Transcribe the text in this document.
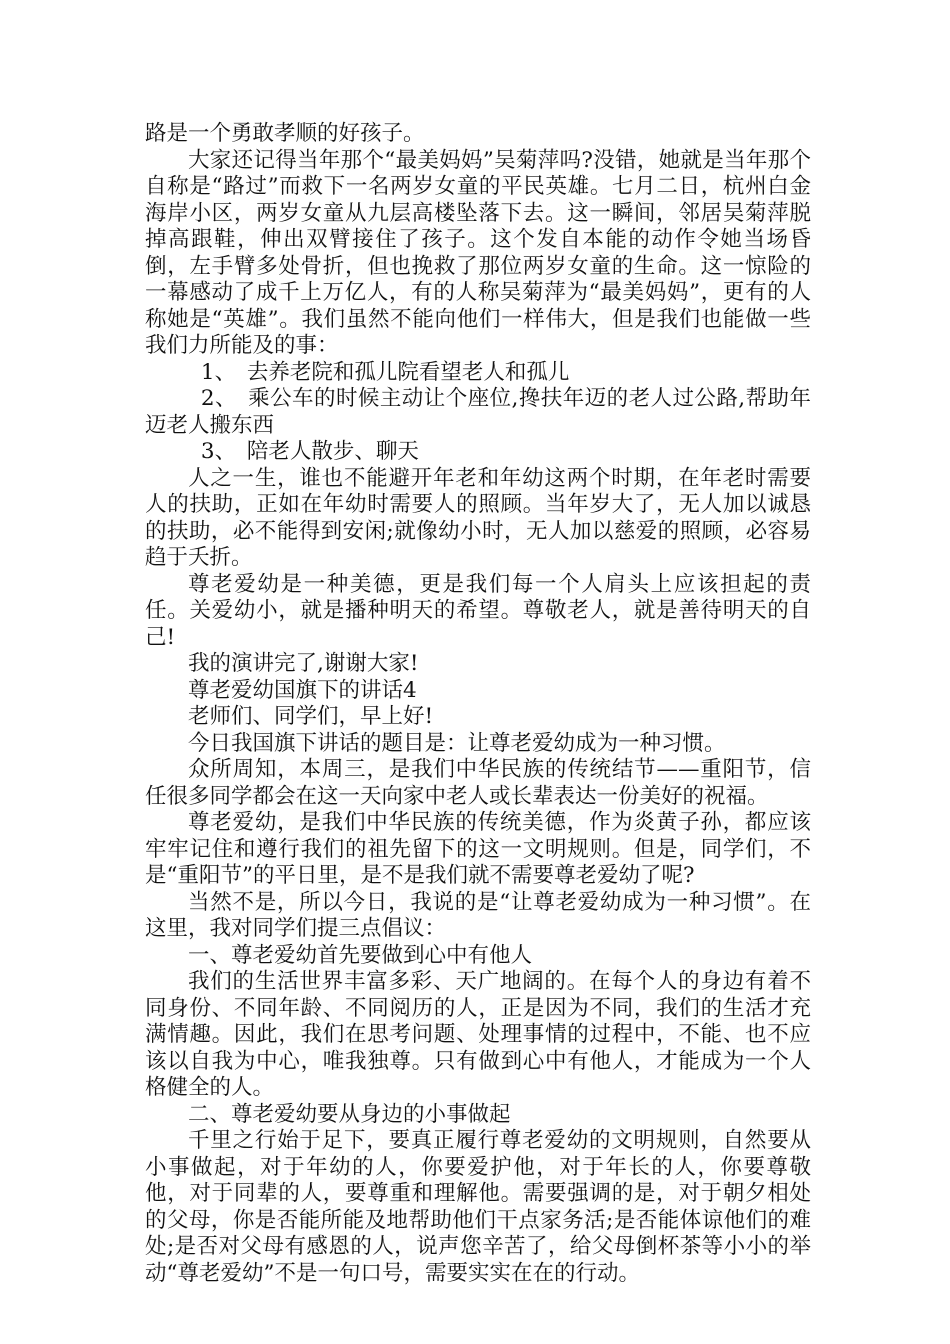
路是一个勇敢孝顺的好孩子。

大家还记得当年那个“最美妈妈”吴菊萍吗?没错，她就是当年那个自称是“路过”而救下一名两岁女童的平民英雄。七月二日，杭州白金海岸小区，两岁女童从九层高楼坠落下去。这一瞬间，邻居吴菊萍脱掉高跟鞋，伸出双臂接住了孩子。这个发自本能的动作令她当场昏倒，左手臂多处骨折，但也挽救了那位两岁女童的生命。这一惊险的一幕感动了成千上万亿人，有的人称吴菊萍为“最美妈妈”，更有的人称她是“英雄”。我们虽然不能向他们一样伟大，但是我们也能做一些我们力所能及的事：

1、　去养老院和孤儿院看望老人和孤儿

2、　乘公车的时候主动让个座位,搀扶年迈的老人过公路,帮助年迈老人搬东西

3、　陪老人散步、聊天

人之一生，谁也不能避开年老和年幼这两个时期，在年老时需要人的扶助，正如在年幼时需要人的照顾。当年岁大了，无人加以诚恳的扶助，必不能得到安闲;就像幼小时，无人加以慈爱的照顾，必容易趋于夭折。

尊老爱幼是一种美德，更是我们每一个人肩头上应该担起的责任。关爱幼小，就是播种明天的希望。尊敬老人，就是善待明天的自己!

我的演讲完了,谢谢大家!

尊老爱幼国旗下的讲话4

老师们、同学们，早上好!

今日我国旗下讲话的题目是：让尊老爱幼成为一种习惯。

众所周知，本周三，是我们中华民族的传统结节——重阳节，信任很多同学都会在这一天向家中老人或长辈表达一份美好的祝福。

尊老爱幼，是我们中华民族的传统美德，作为炎黄子孙，都应该牢牢记住和遵行我们的祖先留下的这一文明规则。但是，同学们，不是“重阳节”的平日里，是不是我们就不需要尊老爱幼了呢?

当然不是，所以今日，我说的是“让尊老爱幼成为一种习惯”。在这里，我对同学们提三点倡议：

一、尊老爱幼首先要做到心中有他人

我们的生活世界丰富多彩、天广地阔的。在每个人的身边有着不同身份、不同年龄、不同阅历的人，正是因为不同，我们的生活才充满情趣。因此，我们在思考问题、处理事情的过程中，不能、也不应该以自我为中心，唯我独尊。只有做到心中有他人，才能成为一个人格健全的人。

二、尊老爱幼要从身边的小事做起

千里之行始于足下，要真正履行尊老爱幼的文明规则，自然要从小事做起，对于年幼的人，你要爱护他，对于年长的人，你要尊敬他，对于同辈的人，要尊重和理解他。需要强调的是，对于朝夕相处的父母，你是否能所能及地帮助他们干点家务活;是否能体谅他们的难处;是否对父母有感恩的人，说声您辛苦了，给父母倒杯茶等小小的举动“尊老爱幼”不是一句口号，需要实实在在的行动。
